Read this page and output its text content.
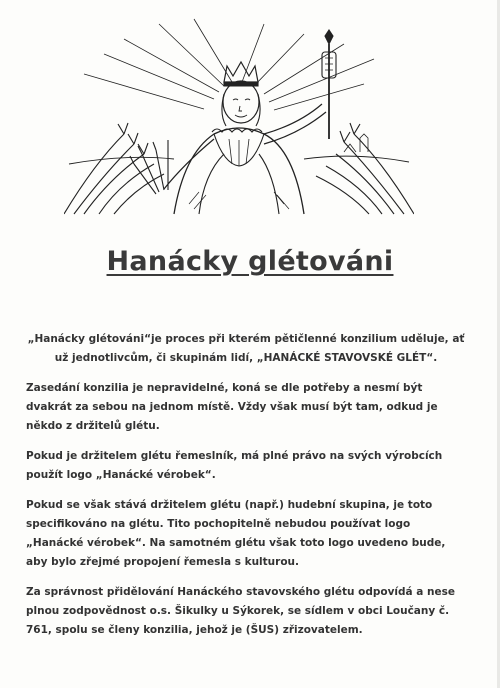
Hanácky glétováni

„Hanácky glétováni“je proces při kterém pětičlenné konzilium uděluje, ať už jednotlivcům, či skupinám lidí, „HANÁCKÉ STAVOVSKÉ GLÉT“.

Zasedání konzilia je nepravidelné, koná se dle potřeby a nesmí být dvakrát za sebou na jednom místě. Vždy však musí být tam, odkud je někdo z držitelů glétu.

Pokud je držitelem glétu řemeslník, má plné právo na svých výrobcích použít logo „Hanácké vérobek“.

Pokud se však stává držitelem glétu (např.) hudební skupina, je toto specifikováno na glétu. Tito pochopitelně nebudou používat logo „Hanácké vérobek“. Na samotném glétu však toto logo uvedeno bude, aby bylo zřejmé propojení řemesla s kulturou.

Za správnost přidělování Hanáckého stavovského glétu odpovídá a nese plnou zodpovědnost o.s. Šikulky u Sýkorek, se sídlem v obci Loučany č. 761, spolu se členy konzilia, jehož je (ŠUS) zřizovatelem.
